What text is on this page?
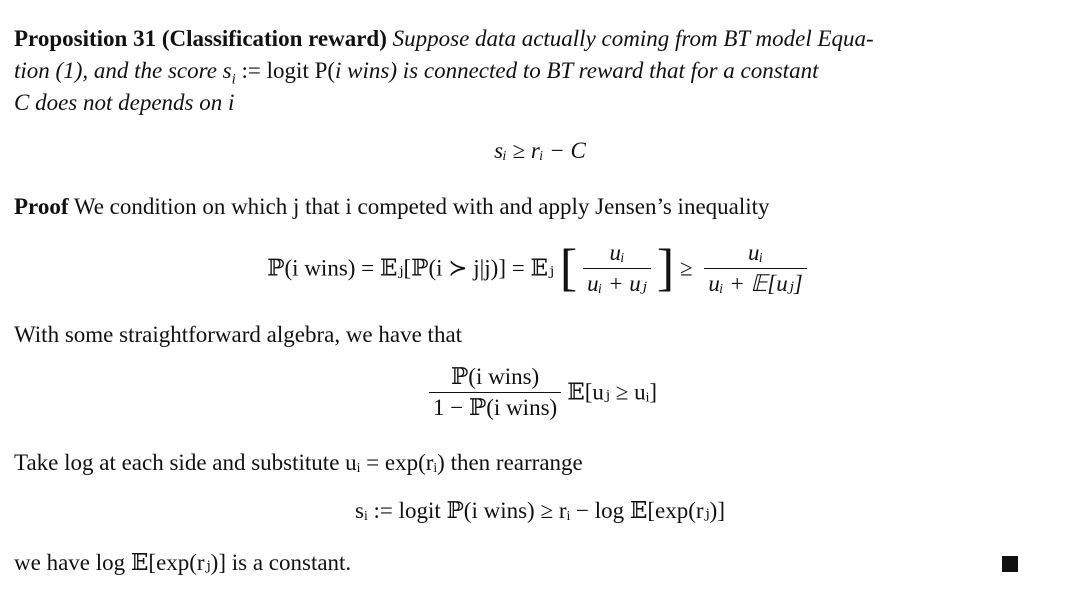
Proposition 31 (Classification reward) Suppose data actually coming from BT model Equa-
tion (1), and the score $s_i$ := logit P(i wins) is connected to BT reward that for a constant
C does not depends on i
sᵢ ≥ rᵢ − C
Proof We condition on which j that i competed with and apply Jensen’s inequality
ℙ(i wins) = 𝔼ⱼ[ℙ(i ≻ j|j)] = 𝔼ⱼ [ $\frac{\text{uᵢ}}{\text{uᵢ + uⱼ}}$ ] ≥ $\frac{\text{uᵢ}}{\text{uᵢ + 𝔼[uⱼ]}}$
With some straightforward algebra, we have that
$\frac{\text{ℙ(i wins)}}{\text{1 − ℙ(i wins)}}$ 𝔼[uⱼ ≥ uᵢ]
Take log at each side and substitute uᵢ = exp(rᵢ) then rearrange
sᵢ := logit ℙ(i wins) ≥ rᵢ − log 𝔼[exp(rⱼ)]
we have log 𝔼[exp(rⱼ)] is a constant.
